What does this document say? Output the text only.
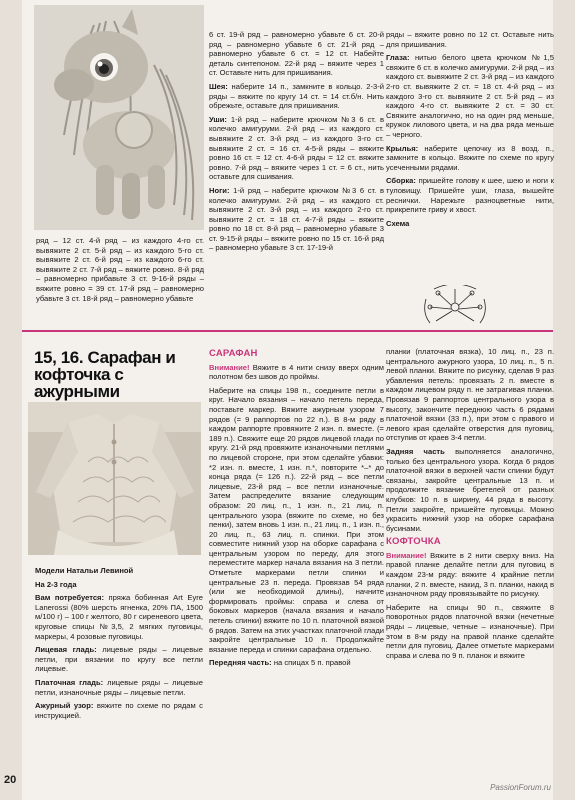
ряд – 12 ст. 4-й ряд – из каждого 4-го ст. вывяжите 2 ст. 5-й ряд – из каждого 5-го ст. вывяжите 2 ст. 6-й ряд – из каждого 6-го ст. вывяжите 2 ст. 7-й ряд – вяжите ровно. 8-й ряд – равномерно прибавьте 3 ст. 9-16-й ряды – вяжите ровно = 39 ст. 17-й ряд – равномерно убавьте 3 ст. 18-й ряд – равномерно убавьте

6 ст. 19-й ряд – равномерно убавьте 6 ст. 20-й ряд – равномерно убавьте 6 ст. 21-й ряд – равномерно убавьте 6 ст. = 12 ст. Набейте деталь синтепоном. 22-й ряд – вяжите через 1 ст. Оставьте нить для пришивания.

Шея: наберите 14 п., замкните в кольцо. 2-3-й ряды – вяжите по кругу 14 ст. = 14 ст.б/н. Нить обрежьте, оставьте для пришивания.

Уши: 1-й ряд – наберите крючком №3 6 ст. в колечко амигуруми. 2-й ряд – из каждого ст. вывяжите 2 ст. 3-й ряд – из каждого 3-го ст. вывяжите 2 ст. = 16 ст. 4-5-й ряды – вяжите ровно 16 ст. = 12 ст. 4-6-й ряды = 12 ст. вяжите ровно. 7-й ряд – вяжите через 1 ст. = 6 ст., нить оставьте для сшивания.

Ноги: 1-й ряд – наберите крючком №3 6 ст. в колечко амигуруми. 2-й ряд – из каждого ст. вывяжите 2 ст. 3-й ряд – из каждого 2-го ст. вывяжите 2 ст. = 18 ст. 4-7-й ряды – вяжите ровно по 18 ст. 8-й ряд – равномерно убавьте 3 ст. 9-15-й ряды – вяжите ровно по 15 ст. 16-й ряд – равномерно убавьте 3 ст. 17-19-й

ряды – вяжите ровно по 12 ст. Оставьте нить для пришивания.

Глаза: нитью белого цвета крючком №1,5 свяжите 6 ст. в колечко амигуруми. 2-й ряд – из каждого ст. вывяжите 2 ст. 3-й ряд – из каждого 2-го ст. вывяжите 2 ст. = 18 ст. 4-й ряд – из каждого 3-го ст. вывяжите 2 ст. 5-й ряд – из каждого 4-го ст. вывяжите 2 ст. = 30 ст. Свяжите аналогично, но на один ряд меньше, кружок лилового цвета, и на два ряда меньше – черного.

Крылья: наберите цепочку из 8 возд. п., замкните в кольцо. Вяжите по схеме по кругу усеченными рядами.

Сборка: пришейте голову к шее, шею и ноги к туловищу. Пришейте уши, глаза, вышейте реснички. Нарежьте разноцветные нити, прикрепите гриву и хвост.

Схема

15, 16. Сарафан и кофточка с ажурными

Модели Натальи Левиной

На 2-3 года

Вам потребуется: пряжа бобинная Art Eyre Lanerossi (80% шерсть ягненка, 20% ПА, 1500 м/100 г) – 100 г желтого, 80 г сиреневого цвета, круговые спицы №3,5, 2 мягких пуговицы, маркеры, 4 розовые пуговицы.

Лицевая гладь: лицевые ряды – лицевые петли, при вязании по кругу все петли лицевые.

Платочная гладь: лицевые ряды – лицевые петли, изнаночные ряды – лицевые петли.

Ажурный узор: вяжите по схеме по рядам с инструкцией.

САРАФАН

Внимание! Вяжите в 4 нити снизу вверх одним полотном без швов до проймы.

Наберите на спицы 198 п., соедините петли в круг. Начало вязания – начало петель переда, поставьте маркер. Вяжите ажурным узором 7 рядов (= 9 раппортов по 22 п.). В 8-м ряду в каждом раппорте провяжите 2 изн. п. вместе. (= 189 п.). Свяжите еще 20 рядов лицевой глади по кругу. 21-й ряд провяжите изнаночными петлями по лицевой стороне, при этом сделайте убавки: *2 изн. п. вместе, 1 изн. п.*, повторите *–* до конца ряда (= 126 п.). 22-й ряд – все петли лицевые, 23-й ряд – все петли изнаночные. Затем распределите вязание следующим образом: 20 лиц. п., 1 изн. п., 21 лиц. п. центрального узора (вяжите по схеме, но без пенки), затем вновь 1 изн. п., 21 лиц. п., 1 изн. п., 20 лиц. п., 63 лиц. п. спинки. При этом совместите нижний узор на оборке сарафана с центральным узором по переду, для этого переместите маркер начала вязания на 3 петли. Отметьте маркерами петли спинки и центральные 23 п. переда. Провязав 54 ряда (или же необходимой длины), начните формировать проймы: справа и слева от боковых маркеров (начала вязания и начало петель спинки) вяжите по 10 п. платочной вязкой 6 рядов. Затем на этих участках платочной глади закройте центральные 10 п. Продолжайте вязание переда и спинки сарафана отдельно.

Передняя часть: на спицах 5 п. правой

планки (платочная вязка), 10 лиц. п., 23 п. центрального ажурного узора, 10 лиц. п., 5 п. левой планки. Вяжите по рисунку, сделав 9 раз убавления петель: провязать 2 п. вместе в каждом лицевом ряду п. не затрагивая планки. Провязав 9 раппортов центрального узора в высоту, закончите переднюю часть 6 рядами платочной вязки (33 п.), при этом с правого и левого края сделайте отверстия для пуговиц, отступив от краев 3-4 петли.

Задняя часть выполняется аналогично, только без центрального узора. Когда 6 рядов платочной вязки в верхней части спинки будут связаны, закройте центральные 13 п. и продолжите вязание бретелей от разных клубков: 10 п. в ширину, 44 ряда в высоту. Петли закройте, пришейте пуговицы. Можно украсить нижний узор на оборке сарафана бусинами.

КОФТОЧКА

Внимание! Вяжите в 2 нити сверху вниз. На правой планке делайте петли для пуговиц в каждом 23-м ряду: вяжите 4 крайние петли планки, 2 п. вместе, накид, 3 п. планки, накид в изнаночном ряду провязывайте по рисунку.

Наберите на спицы 90 п., свяжите 8 поворотных рядов платочной вязки (нечетные ряды – лицевые, четные – изнаночные). При этом в 8-м ряду на правой планке сделайте петли для пуговиц. Далее отметьте маркерами справа и слева по 9 п. планок и вяжите

20
PassionForum.ru
